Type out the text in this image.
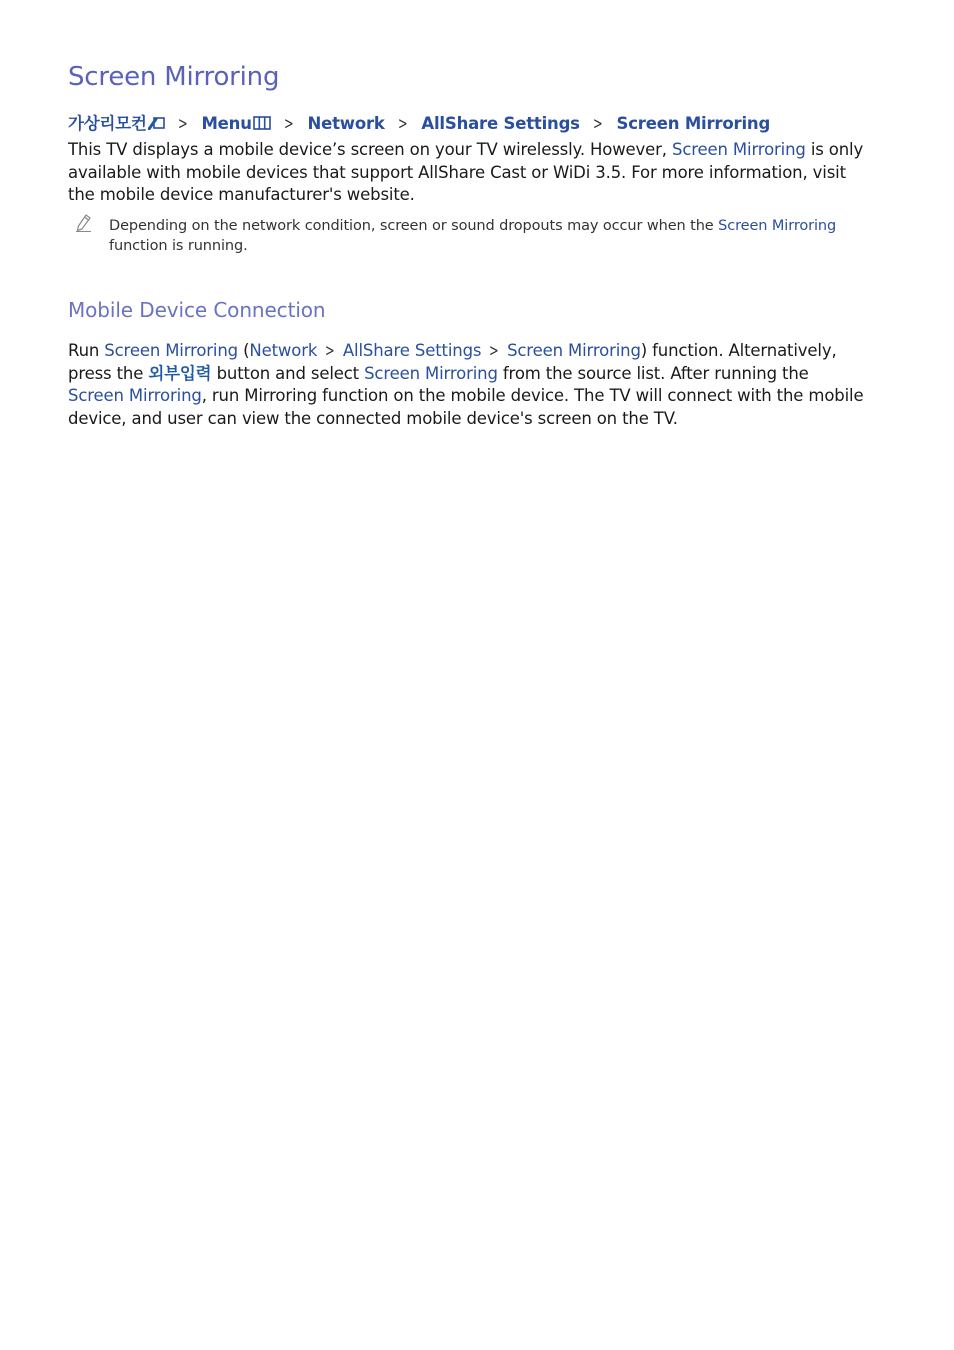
Screen Mirroring
가상리모컨 > Menu > Network > AllShare Settings > Screen Mirroring

This TV displays a mobile device’s screen on your TV wirelessly. However, Screen Mirroring is only available with mobile devices that support AllShare Cast or WiDi 3.5. For more information, visit the mobile device manufacturer's website.

Depending on the network condition, screen or sound dropouts may occur when the Screen Mirroring function is running.

Mobile Device Connection

Run Screen Mirroring (Network > AllShare Settings > Screen Mirroring) function. Alternatively, press the 외부입력 button and select Screen Mirroring from the source list. After running the Screen Mirroring, run Mirroring function on the mobile device. The TV will connect with the mobile device, and user can view the connected mobile device's screen on the TV.
